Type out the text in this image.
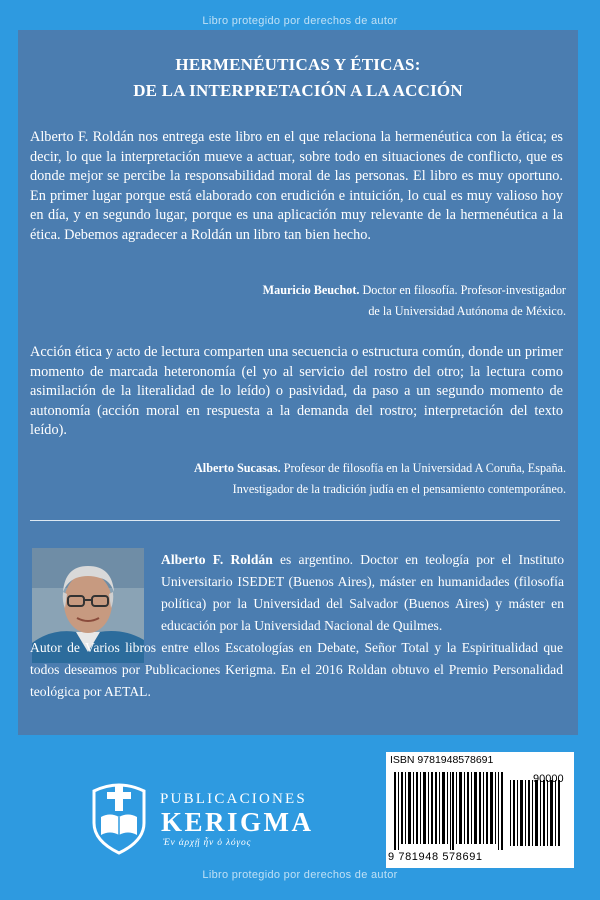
Libro protegido por derechos de autor
HERMENÉUTICAS Y ÉTICAS:
DE LA INTERPRETACIÓN A LA ACCIÓN
Alberto F. Roldán nos entrega este libro en el que relaciona la hermenéutica con la ética; es decir, lo que la interpretación mueve a actuar, sobre todo en situaciones de conflicto, que es donde mejor se percibe la responsabilidad moral de las personas. El libro es muy oportuno. En primer lugar porque está elaborado con erudición e intuición, lo cual es muy valioso hoy en día, y en segundo lugar, porque es una aplicación muy relevante de la hermenéutica a la ética. Debemos agradecer a Roldán un libro tan bien hecho.
Mauricio Beuchot. Doctor en filosofía. Profesor-investigador
de la Universidad Autónoma de México.
Acción ética y acto de lectura comparten una secuencia o estructura común, donde un primer momento de marcada heteronomía (el yo al servicio del rostro del otro; la lectura como asimilación de la literalidad de lo leído) o pasividad, da paso a un segundo momento de autonomía (acción moral en respuesta a la demanda del rostro; interpretación del texto leído).
Alberto Sucasas. Profesor de filosofía en la Universidad A Coruña, España.
Investigador de la tradición judía en el pensamiento contemporáneo.
Alberto F. Roldán es argentino. Doctor en teología por el Instituto Universitario ISEDET (Buenos Aires), máster en humanidades (filosofía política) por la Universidad del Salvador (Buenos Aires) y máster en educación por la Universidad Nacional de Quilmes.
Autor de Varios libros entre ellos Escatologías en Debate, Señor Total y la Espiritualidad que todos deseamos por Publicaciones Kerigma. En el 2016 Roldan obtuvo el Premio Personalidad teológica por AETAL.
PUBLICACIONES
KERIGMA
Ἐν ἀρχῇ ἦν ὁ λόγος
ISBN 9781948578691
90000
9 781948 578691
Libro protegido por derechos de autor
